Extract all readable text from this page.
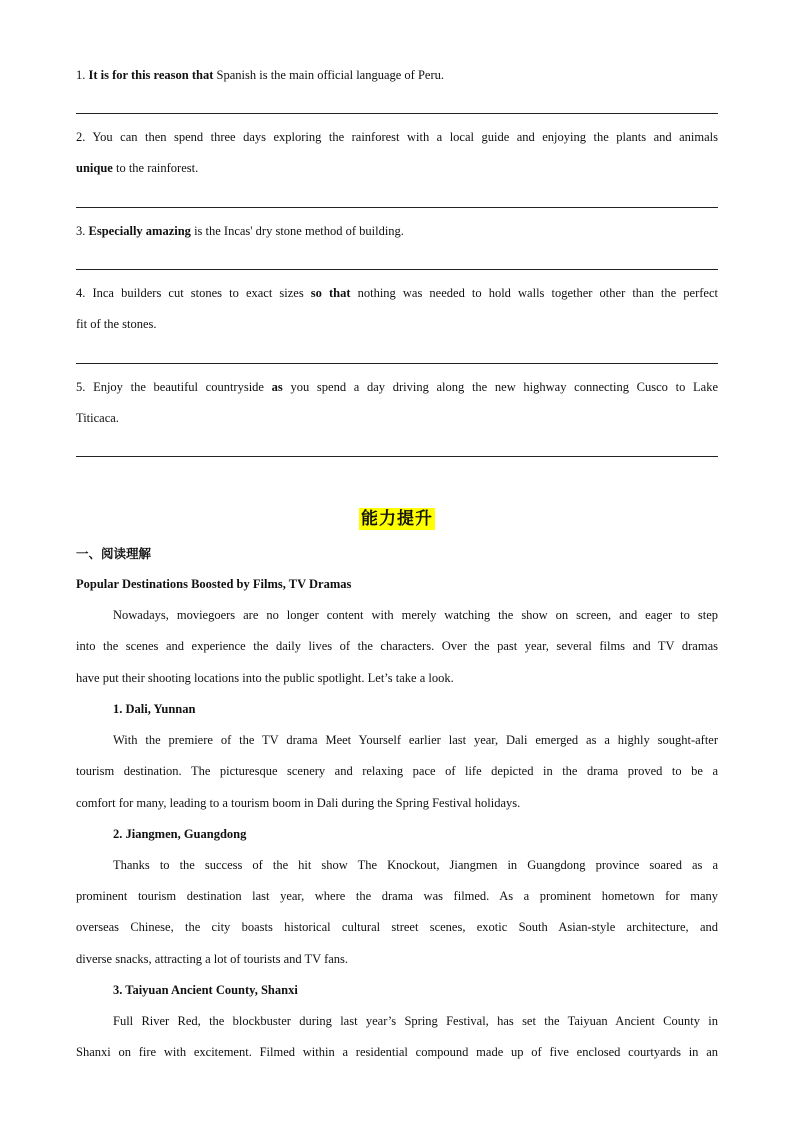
1. It is for this reason that Spanish is the main official language of Peru.
2. You can then spend three days exploring the rainforest with a local guide and enjoying the plants and animals
unique to the rainforest.
3. Especially amazing is the Incas' dry stone method of building.
4. Inca builders cut stones to exact sizes so that nothing was needed to hold walls together other than the perfect
fit of the stones.
5. Enjoy the beautiful countryside as you spend a day driving along the new highway connecting Cusco to Lake
Titicaca.
能力提升
一、阅读理解
Popular Destinations Boosted by Films, TV Dramas
Nowadays, moviegoers are no longer content with merely watching the show on screen, and eager to step
into the scenes and experience the daily lives of the characters. Over the past year, several films and TV dramas
have put their shooting locations into the public spotlight. Let’s take a look.
1. Dali, Yunnan
With the premiere of the TV drama Meet Yourself earlier last year, Dali emerged as a highly sought-after
tourism destination. The picturesque scenery and relaxing pace of life depicted in the drama proved to be a
comfort for many, leading to a tourism boom in Dali during the Spring Festival holidays.
2. Jiangmen, Guangdong
Thanks to the success of the hit show The Knockout, Jiangmen in Guangdong province soared as a
prominent tourism destination last year, where the drama was filmed. As a prominent hometown for many
overseas Chinese, the city boasts historical cultural street scenes, exotic South Asian-style architecture, and
diverse snacks, attracting a lot of tourists and TV fans.
3. Taiyuan Ancient County, Shanxi
Full River Red, the blockbuster during last year’s Spring Festival, has set the Taiyuan Ancient County in
Shanxi on fire with excitement. Filmed within a residential compound made up of five enclosed courtyards in an
